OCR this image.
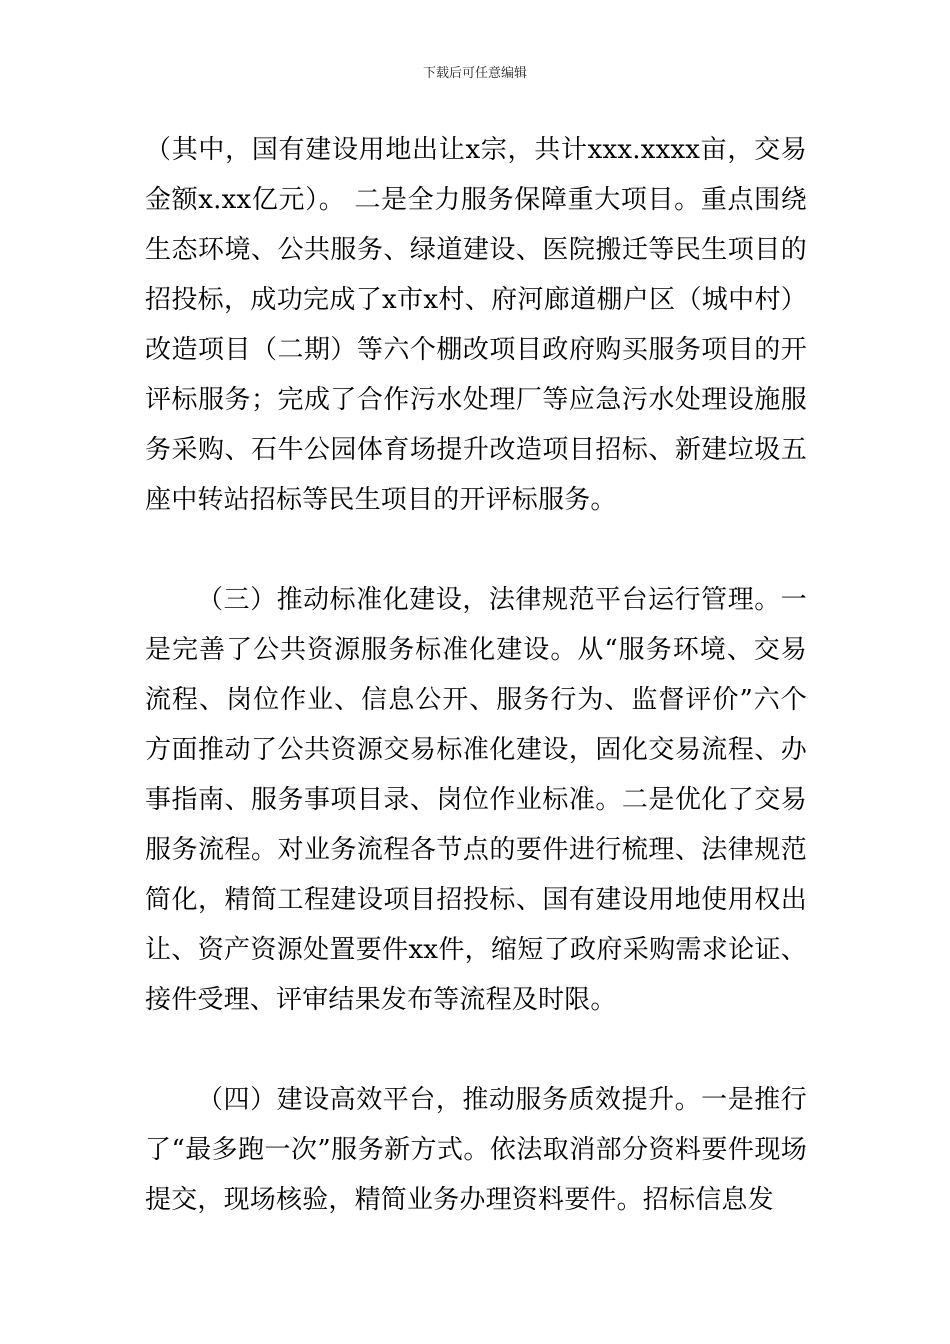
下载后可任意编辑

（其中，国有建设用地出让x宗，共计xxx.xxxx亩，交易金额x.xx亿元）。 二是全力服务保障重大项目。重点围绕生态环境、公共服务、绿道建设、医院搬迁等民生项目的招投标，成功完成了x市x村、府河廊道棚户区（城中村）改造项目（二期）等六个棚改项目政府购买服务项目的开评标服务；完成了合作污水处理厂等应急污水处理设施服务采购、石牛公园体育场提升改造项目招标、新建垃圾五座中转站招标等民生项目的开评标服务。

（三）推动标准化建设，法律规范平台运行管理。一是完善了公共资源服务标准化建设。从“服务环境、交易流程、岗位作业、信息公开、服务行为、监督评价”六个方面推动了公共资源交易标准化建设，固化交易流程、办事指南、服务事项目录、岗位作业标准。二是优化了交易服务流程。对业务流程各节点的要件进行梳理、法律规范简化，精简工程建设项目招投标、国有建设用地使用权出让、资产资源处置要件xx件，缩短了政府采购需求论证、接件受理、评审结果发布等流程及时限。

（四）建设高效平台，推动服务质效提升。一是推行了“最多跑一次”服务新方式。依法取消部分资料要件现场提交，现场核验，精简业务办理资料要件。招标信息发
